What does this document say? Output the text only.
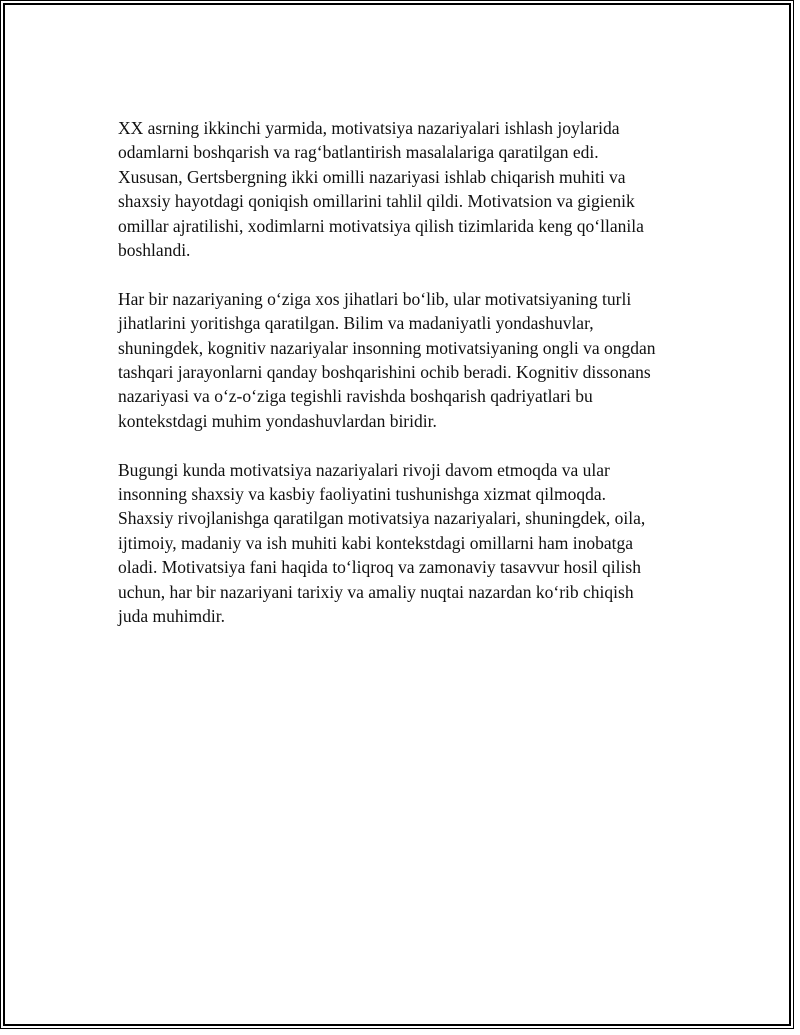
XX asrning ikkinchi yarmida, motivatsiya nazariyalari ishlash joylarida
odamlarni boshqarish va rag‘batlantirish masalalariga qaratilgan edi.
Xususan, Gertsbergning ikki omilli nazariyasi ishlab chiqarish muhiti va
shaxsiy hayotdagi qoniqish omillarini tahlil qildi. Motivatsion va gigienik
omillar ajratilishi, xodimlarni motivatsiya qilish tizimlarida keng qo‘llanila
boshlandi.

Har bir nazariyaning o‘ziga xos jihatlari bo‘lib, ular motivatsiyaning turli
jihatlarini yoritishga qaratilgan. Bilim va madaniyatli yondashuvlar,
shuningdek, kognitiv nazariyalar insonning motivatsiyaning ongli va ongdan
tashqari jarayonlarni qanday boshqarishini ochib beradi. Kognitiv dissonans
nazariyasi va o‘z-o‘ziga tegishli ravishda boshqarish qadriyatlari bu
kontekstdagi muhim yondashuvlardan biridir.

Bugungi kunda motivatsiya nazariyalari rivoji davom etmoqda va ular
insonning shaxsiy va kasbiy faoliyatini tushunishga xizmat qilmoqda.
Shaxsiy rivojlanishga qaratilgan motivatsiya nazariyalari, shuningdek, oila,
ijtimoiy, madaniy va ish muhiti kabi kontekstdagi omillarni ham inobatga
oladi. Motivatsiya fani haqida to‘liqroq va zamonaviy tasavvur hosil qilish
uchun, har bir nazariyani tarixiy va amaliy nuqtai nazardan ko‘rib chiqish
juda muhimdir.
